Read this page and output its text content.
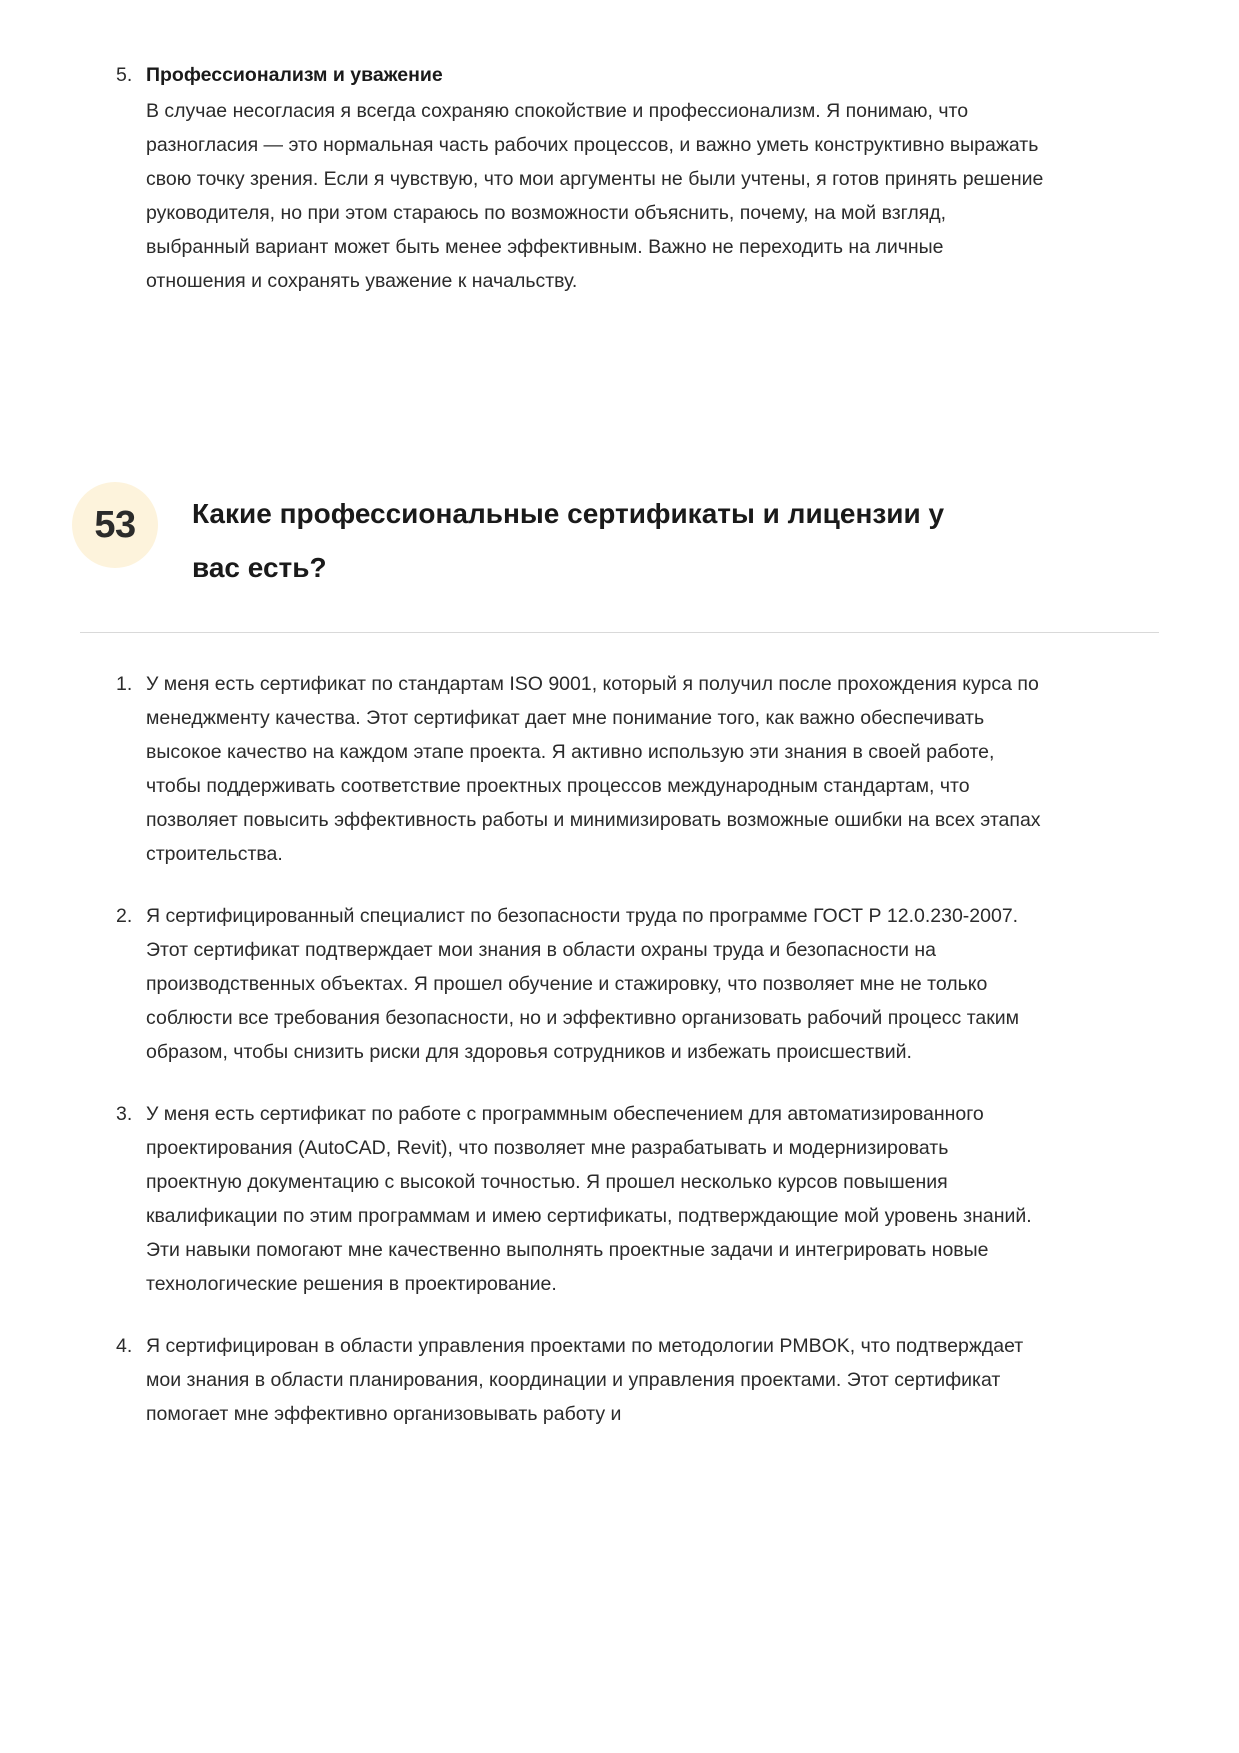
5. Профессионализм и уважение

В случае несогласия я всегда сохраняю спокойствие и профессионализм. Я понимаю, что разногласия — это нормальная часть рабочих процессов, и важно уметь конструктивно выражать свою точку зрения. Если я чувствую, что мои аргументы не были учтены, я готов принять решение руководителя, но при этом стараюсь по возможности объяснить, почему, на мой взгляд, выбранный вариант может быть менее эффективным. Важно не переходить на личные отношения и сохранять уважение к начальству.

53 Какие профессиональные сертификаты и лицензии у вас есть?
1. У меня есть сертификат по стандартам ISO 9001, который я получил после прохождения курса по менеджменту качества. Этот сертификат дает мне понимание того, как важно обеспечивать высокое качество на каждом этапе проекта. Я активно использую эти знания в своей работе, чтобы поддерживать соответствие проектных процессов международным стандартам, что позволяет повысить эффективность работы и минимизировать возможные ошибки на всех этапах строительства.
2. Я сертифицированный специалист по безопасности труда по программе ГОСТ Р 12.0.230-2007. Этот сертификат подтверждает мои знания в области охраны труда и безопасности на производственных объектах. Я прошел обучение и стажировку, что позволяет мне не только соблюсти все требования безопасности, но и эффективно организовать рабочий процесс таким образом, чтобы снизить риски для здоровья сотрудников и избежать происшествий.
3. У меня есть сертификат по работе с программным обеспечением для автоматизированного проектирования (AutoCAD, Revit), что позволяет мне разрабатывать и модернизировать проектную документацию с высокой точностью. Я прошел несколько курсов повышения квалификации по этим программам и имею сертификаты, подтверждающие мой уровень знаний. Эти навыки помогают мне качественно выполнять проектные задачи и интегрировать новые технологические решения в проектирование.
4. Я сертифицирован в области управления проектами по методологии PMBOK, что подтверждает мои знания в области планирования, координации и управления проектами. Этот сертификат помогает мне эффективно организовывать работу и
